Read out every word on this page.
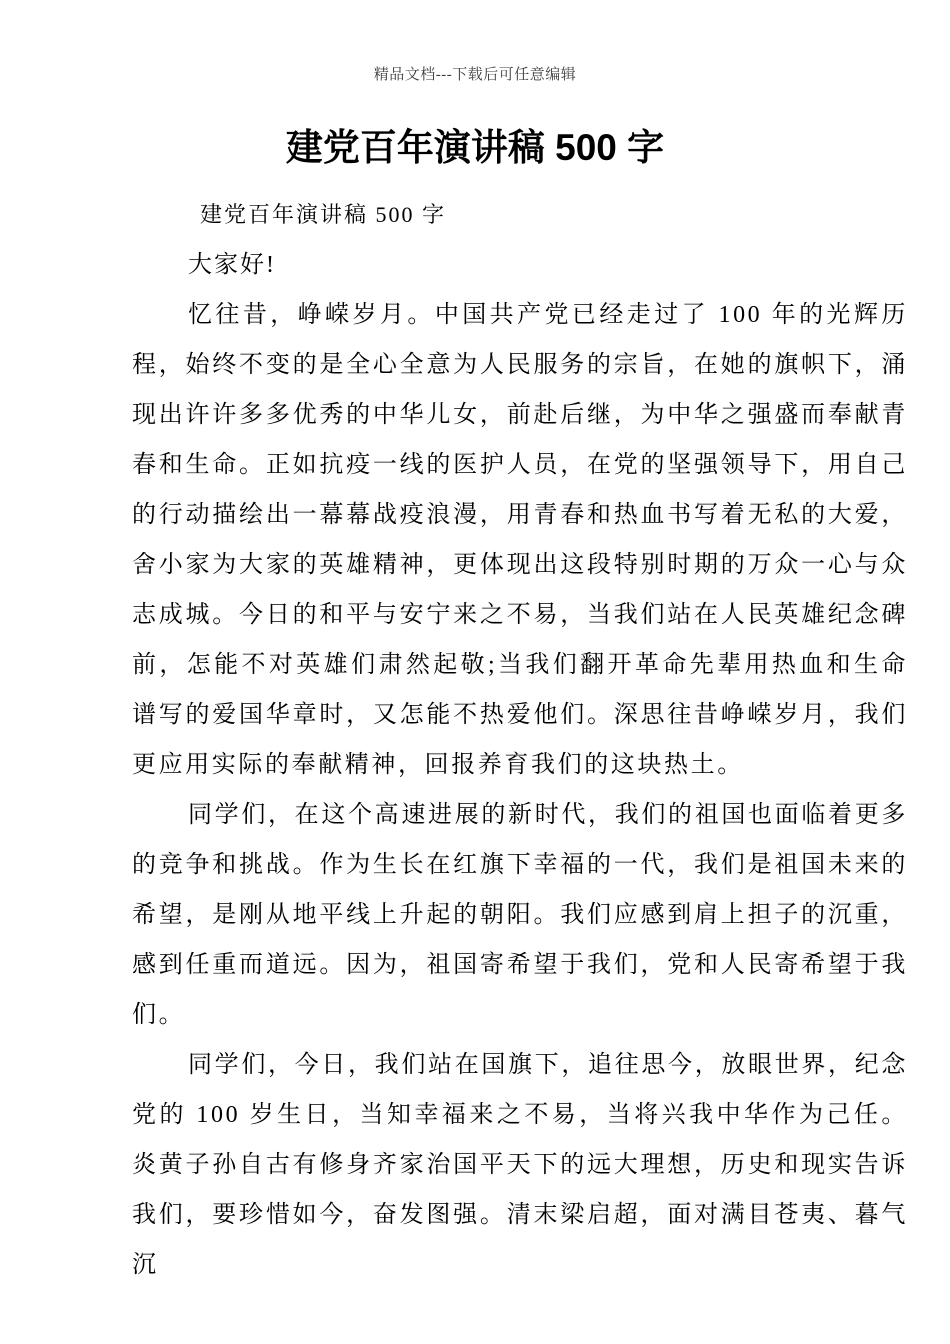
精品文档---下载后可任意编辑
建党百年演讲稿 500 字
建党百年演讲稿 500 字
大家好!

忆往昔，峥嵘岁月。中国共产党已经走过了 100 年的光辉历程，始终不变的是全心全意为人民服务的宗旨，在她的旗帜下，涌现出许许多多优秀的中华儿女，前赴后继，为中华之强盛而奉献青春和生命。正如抗疫一线的医护人员，在党的坚强领导下，用自己的行动描绘出一幕幕战疫浪漫，用青春和热血书写着无私的大爱，舍小家为大家的英雄精神，更体现出这段特别时期的万众一心与众志成城。今日的和平与安宁来之不易，当我们站在人民英雄纪念碑前，怎能不对英雄们肃然起敬;当我们翻开革命先辈用热血和生命谱写的爱国华章时，又怎能不热爱他们。深思往昔峥嵘岁月，我们更应用实际的奉献精神，回报养育我们的这块热土。

同学们，在这个高速进展的新时代，我们的祖国也面临着更多的竞争和挑战。作为生长在红旗下幸福的一代，我们是祖国未来的希望，是刚从地平线上升起的朝阳。我们应感到肩上担子的沉重，感到任重而道远。因为，祖国寄希望于我们，党和人民寄希望于我们。

同学们，今日，我们站在国旗下，追往思今，放眼世界，纪念党的 100 岁生日，当知幸福来之不易，当将兴我中华作为己任。炎黄子孙自古有修身齐家治国平天下的远大理想，历史和现实告诉我们，要珍惜如今，奋发图强。清末梁启超，面对满目苍夷、暮气沉
